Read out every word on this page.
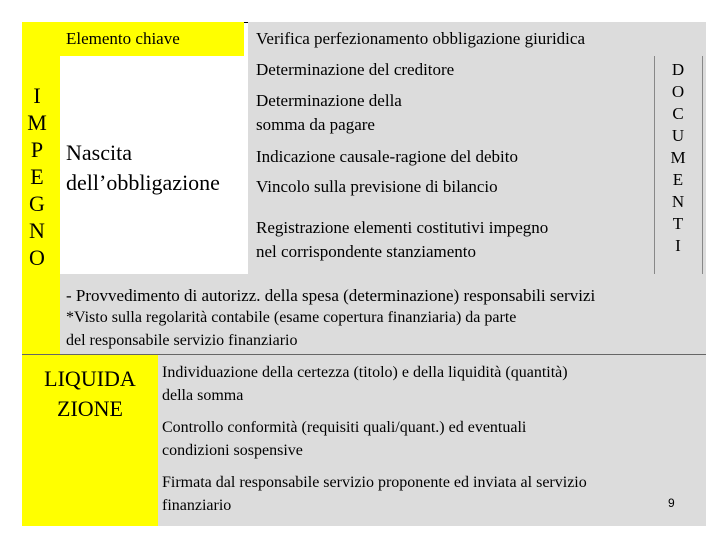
Elemento chiave	Verifica perfezionamento obbligazione giuridica
I
M
P
E
G
N
O
Nascita
dell’obbligazione
Determinazione del creditore
Determinazione della
somma da pagare
Indicazione causale-ragione del debito
Vincolo sulla previsione di bilancio
Registrazione elementi costitutivi impegno
nel corrispondente stanziamento
D
O
C
U
M
E
N
T
I
- Provvedimento di autorizz. della spesa (determinazione) responsabili servizi
*Visto sulla regolarità contabile (esame copertura finanziaria) da parte
del responsabile servizio finanziario
LIQUIDA
ZIONE
Individuazione della certezza (titolo) e della liquidità (quantità)
della somma
Controllo conformità (requisiti quali/quant.) ed eventuali
condizioni sospensive
Firmata dal responsabile servizio proponente ed inviata al servizio
finanziario	9
